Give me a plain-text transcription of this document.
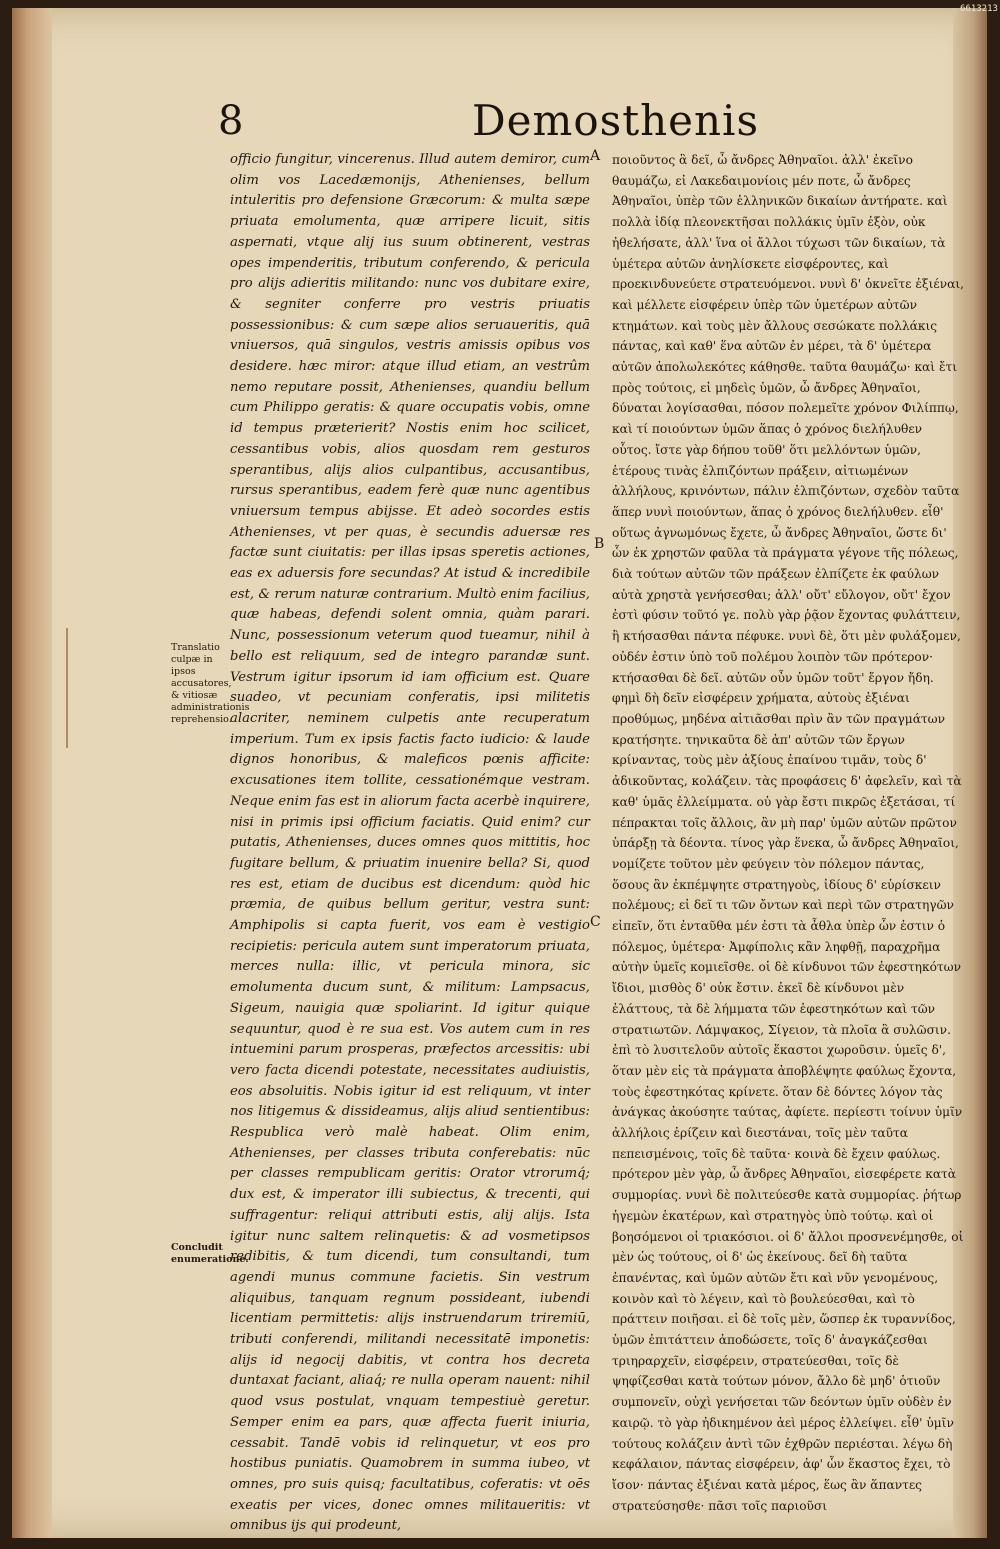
6613213
8	Demosthenis
A
B
C
Translatio culpæ in ipsos accusatores, & vitiosæ administrationis reprehensio.
Concludit enumeratione.

officio fungitur, vincerenus. Illud autem demiror, cum olim vos Lacedæmonijs, Athenienses, bellum intuleritis pro defensione Græcorum: & multa sæpe priuata emolumenta, quæ arripere licuit, sitis aspernati, vtque alij ius suum obtinerent, vestras opes impenderitis, tributum conferendo, & pericula pro alijs adieritis militando: nunc vos dubitare exire, & segniter conferre pro vestris priuatis possessionibus: & cum sæpe alios seruaueritis, quā vniuersos, quā singulos, vestris amissis opibus vos desidere. hæc miror: atque illud etiam, an vestrûm nemo reputare possit, Athenienses, quandiu bellum cum Philippo geratis: & quare occupatis vobis, omne id tempus præterierit? Nostis enim hoc scilicet, cessantibus vobis, alios quosdam rem gesturos sperantibus, alijs alios culpantibus, accusantibus, rursus sperantibus, eadem ferè quæ nunc agentibus vniuersum tempus abijsse. Et adeò socordes estis Athenienses, vt per quas, è secundis aduersæ res factæ sunt ciuitatis: per illas ipsas speretis actiones, eas ex aduersis fore secundas? At istud & incredibile est, & rerum naturæ contrarium. Multò enim facilius, quæ habeas, defendi solent omnia, quàm parari. Nunc, possessionum veterum quod tueamur, nihil à bello est reliquum, sed de integro parandæ sunt. Vestrum igitur ipsorum id iam officium est. Quare suadeo, vt pecuniam conferatis, ipsi militetis alacriter, neminem culpetis ante recuperatum imperium. Tum ex ipsis factis facto iudicio: & laude dignos honoribus, & maleficos pœnis afficite: excusationes item tollite, cessationémque vestram. Neque enim fas est in aliorum facta acerbè inquirere, nisi in primis ipsi officium faciatis. Quid enim? cur putatis, Athenienses, duces omnes quos mittitis, hoc fugitare bellum, & priuatim inuenire bella? Si, quod res est, etiam de ducibus est dicendum: quòd hic præmia, de quibus bellum geritur, vestra sunt: Amphipolis si capta fuerit, vos eam è vestigio recipietis: pericula autem sunt imperatorum priuata, merces nulla: illic, vt pericula minora, sic emolumenta ducum sunt, & militum: Lampsacus, Sigeum, nauigia quæ spoliarint. Id igitur quique sequuntur, quod è re sua est. Vos autem cum in res intuemini parum prosperas, præfectos arcessitis: ubi vero facta dicendi potestate, necessitates audiuistis, eos absoluitis. Nobis igitur id est reliquum, vt inter nos litigemus & dissideamus, alijs aliud sentientibus: Respublica verò malè habeat. Olim enim, Athenienses, per classes tributa conferebatis: nūc per classes rempublicam geritis: Orator vtrorumq́; dux est, & imperator illi subiectus, & trecenti, qui suffragentur: reliqui attributi estis, alij alijs. Ista igitur nunc saltem relinquetis: & ad vosmetipsos redibitis, & tum dicendi, tum consultandi, tum agendi munus commune facietis. Sin vestrum aliquibus, tanquam regnum possideant, iubendi licentiam permittetis: alijs instruendarum triremiū, tributi conferendi, militandi necessitatē imponetis: alijs id negocij dabitis, vt contra hos decreta duntaxat faciant, aliaq́; re nulla operam nauent: nihil quod vsus postulat, vnquam tempestiuè geretur. Semper enim ea pars, quæ affecta fuerit iniuria, cessabit. Tandē vobis id relinquetur, vt eos pro hostibus puniatis. Quamobrem in summa iubeo, vt omnes, pro suis quisq; facultatibus, coferatis: vt oēs exeatis per vices, donec omnes militaueritis: vt omnibus ijs qui prodeunt,

ποιοῦντος ἃ δεῖ, ὦ ἄνδρες Ἀθηναῖοι. ἀλλ' ἐκεῖνο θαυμάζω, εἰ Λακεδαιμονίοις μέν ποτε, ὦ ἄνδρες Ἀθηναῖοι, ὑπὲρ τῶν ἑλληνικῶν δικαίων ἀντήρατε. καὶ πολλὰ ἰδίᾳ πλεονεκτῆσαι πολλάκις ὑμῖν ἐξὸν, οὐκ ἠθελήσατε, ἀλλ' ἵνα οἱ ἄλλοι τύχωσι τῶν δικαίων, τὰ ὑμέτερα αὐτῶν ἀνηλίσκετε εἰσφέροντες, καὶ προεκινδυνεύετε στρατευόμενοι. νυνὶ δ' ὀκνεῖτε ἐξιέναι, καὶ μέλλετε εἰσφέρειν ὑπὲρ τῶν ὑμετέρων αὐτῶν κτημάτων. καὶ τοὺς μὲν ἄλλους σεσώκατε πολλάκις πάντας, καὶ καθ' ἕνα αὐτῶν ἐν μέρει, τὰ δ' ὑμέτερα αὐτῶν ἀπολωλεκότες κάθησθε. ταῦτα θαυμάζω· καὶ ἔτι πρὸς τούτοις, εἰ μηδεὶς ὑμῶν, ὦ ἄνδρες Ἀθηναῖοι, δύναται λογίσασθαι, πόσον πολεμεῖτε χρόνον Φιλίππῳ, καὶ τί ποιούντων ὑμῶν ἅπας ὁ χρόνος διελήλυθεν οὗτος. ἴστε γὰρ δήπου τοῦθ' ὅτι μελλόντων ὑμῶν, ἑτέρους τινὰς ἐλπιζόντων πράξειν, αἰτιωμένων ἀλλήλους, κρινόντων, πάλιν ἐλπιζόντων, σχεδὸν ταῦτα ἅπερ νυνὶ ποιούντων, ἅπας ὁ χρόνος διελήλυθεν. εἶθ' οὕτως ἀγνωμόνως ἔχετε, ὦ ἄνδρες Ἀθηναῖοι, ὥστε δι' ὧν ἐκ χρηστῶν φαῦλα τὰ πράγματα γέγονε τῆς πόλεως, διὰ τούτων αὐτῶν τῶν πράξεων ἐλπίζετε ἐκ φαύλων αὐτὰ χρηστὰ γενήσεσθαι; ἀλλ' οὔτ' εὔλογον, οὔτ' ἔχον ἐστὶ φύσιν τοῦτό γε. πολὺ γὰρ ῥᾷον ἔχοντας φυλάττειν, ἢ κτήσασθαι πάντα πέφυκε. νυνὶ δὲ, ὅτι μὲν φυλάξομεν, οὐδέν ἐστιν ὑπὸ τοῦ πολέμου λοιπὸν τῶν πρότερον· κτήσασθαι δὲ δεῖ. αὐτῶν οὖν ὑμῶν τοῦτ' ἔργον ἤδη. φημὶ δὴ δεῖν εἰσφέρειν χρήματα, αὐτοὺς ἐξιέναι προθύμως, μηδένα αἰτιᾶσθαι πρὶν ἂν τῶν πραγμάτων κρατήσητε. τηνικαῦτα δὲ ἀπ' αὐτῶν τῶν ἔργων κρίναντας, τοὺς μὲν ἀξίους ἐπαίνου τιμᾶν, τοὺς δ' ἀδικοῦντας, κολάζειν. τὰς προφάσεις δ' ἀφελεῖν, καὶ τὰ καθ' ὑμᾶς ἐλλείμματα. οὐ γὰρ ἔστι πικρῶς ἐξετάσαι, τί πέπρακται τοῖς ἄλλοις, ἂν μὴ παρ' ὑμῶν αὐτῶν πρῶτον ὑπάρξῃ τὰ δέοντα. τίνος γὰρ ἕνεκα, ὦ ἄνδρες Ἀθηναῖοι, νομίζετε τοῦτον μὲν φεύγειν τὸν πόλεμον πάντας, ὅσους ἂν ἐκπέμψητε στρατηγοὺς, ἰδίους δ' εὑρίσκειν πολέμους; εἰ δεῖ τι τῶν ὄντων καὶ περὶ τῶν στρατηγῶν εἰπεῖν, ὅτι ἐνταῦθα μέν ἐστι τὰ ἆθλα ὑπὲρ ὧν ἐστιν ὁ πόλεμος, ὑμέτερα· Ἀμφίπολις κἂν ληφθῇ, παραχρῆμα αὐτὴν ὑμεῖς κομιεῖσθε. οἱ δὲ κίνδυνοι τῶν ἐφεστηκότων ἴδιοι, μισθὸς δ' οὐκ ἔστιν. ἐκεῖ δὲ κίνδυνοι μὲν ἐλάττους, τὰ δὲ λήμματα τῶν ἐφεστηκότων καὶ τῶν στρατιωτῶν. Λάμψακος, Σίγειον, τὰ πλοῖα ἃ συλῶσιν. ἐπὶ τὸ λυσιτελοῦν αὐτοῖς ἕκαστοι χωροῦσιν. ὑμεῖς δ', ὅταν μὲν εἰς τὰ πράγματα ἀποβλέψητε φαύλως ἔχοντα, τοὺς ἐφεστηκότας κρίνετε. ὅταν δὲ δόντες λόγον τὰς ἀνάγκας ἀκούσητε ταύτας, ἀφίετε. περίεστι τοίνυν ὑμῖν ἀλλήλοις ἐρίζειν καὶ διεστάναι, τοῖς μὲν ταῦτα πεπεισμένοις, τοῖς δὲ ταῦτα· κοινὰ δὲ ἔχειν φαύλως. πρότερον μὲν γὰρ, ὦ ἄνδρες Ἀθηναῖοι, εἰσεφέρετε κατὰ συμμορίας. νυνὶ δὲ πολιτεύεσθε κατὰ συμμορίας. ῥήτωρ ἡγεμὼν ἑκατέρων, καὶ στρατηγὸς ὑπὸ τούτῳ. καὶ οἱ βοησόμενοι οἱ τριακόσιοι. οἱ δ' ἄλλοι προσνενέμησθε, οἱ μὲν ὡς τούτους, οἱ δ' ὡς ἐκείνους. δεῖ δὴ ταῦτα ἐπανέντας, καὶ ὑμῶν αὐτῶν ἔτι καὶ νῦν γενομένους, κοινὸν καὶ τὸ λέγειν, καὶ τὸ βουλεύεσθαι, καὶ τὸ πράττειν ποιῆσαι. εἰ δὲ τοῖς μὲν, ὥσπερ ἐκ τυραννίδος, ὑμῶν ἐπιτάττειν ἀποδώσετε, τοῖς δ' ἀναγκάζεσθαι τριηραρχεῖν, εἰσφέρειν, στρατεύεσθαι, τοῖς δὲ ψηφίζεσθαι κατὰ τούτων μόνον, ἄλλο δὲ μηδ' ὁτιοῦν συμπονεῖν, οὐχὶ γενήσεται τῶν δεόντων ὑμῖν οὐδὲν ἐν καιρῷ. τὸ γὰρ ἠδικημένον ἀεὶ μέρος ἐλλείψει. εἶθ' ὑμῖν τούτους κολάζειν ἀντὶ τῶν ἐχθρῶν περιέσται. λέγω δὴ κεφάλαιον, πάντας εἰσφέρειν, ἀφ' ὧν ἕκαστος ἔχει, τὸ ἴσον· πάντας ἐξιέναι κατὰ μέρος, ἕως ἂν ἅπαντες στρατεύσησθε· πᾶσι τοῖς παριοῦσι
